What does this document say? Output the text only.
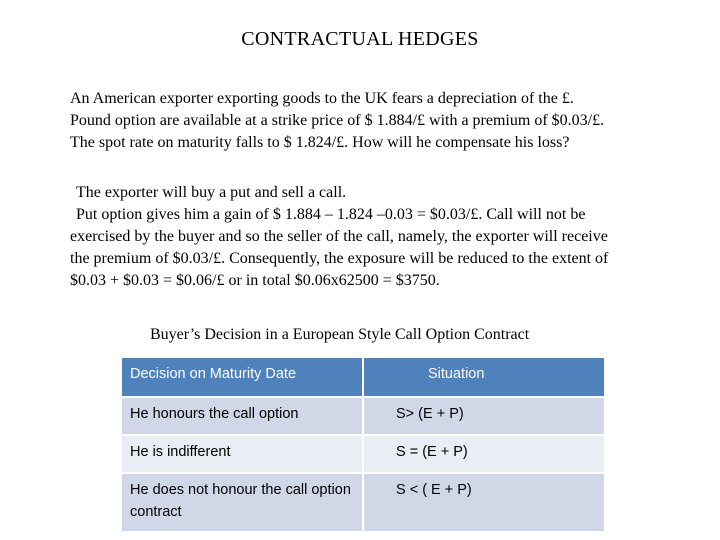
CONTRACTUAL HEDGES

An American exporter exporting goods to the UK fears a depreciation of the £.

Pound option are available at a strike price of $ 1.884/£ with a premium of $0.03/£.

The spot rate on maturity falls to $ 1.824/£. How will he compensate his loss?

The exporter will buy a put and sell a call.

Put option gives him a gain of $ 1.884 – 1.824 –0.03 = $0.03/£. Call will not be

exercised by the buyer and so the seller of the call, namely, the exporter will receive

the premium of $0.03/£. Consequently, the exposure will be reduced to the extent of

$0.03 + $0.03 = $0.06/£ or in total $0.06x62500 = $3750.

Buyer’s Decision in a European Style Call Option Contract
Decision on Maturity Date	Situation
He honours the call option	S> (E + P)
He is indifferent	S = (E + P)
He does not honour the call option contract	S < ( E + P)
